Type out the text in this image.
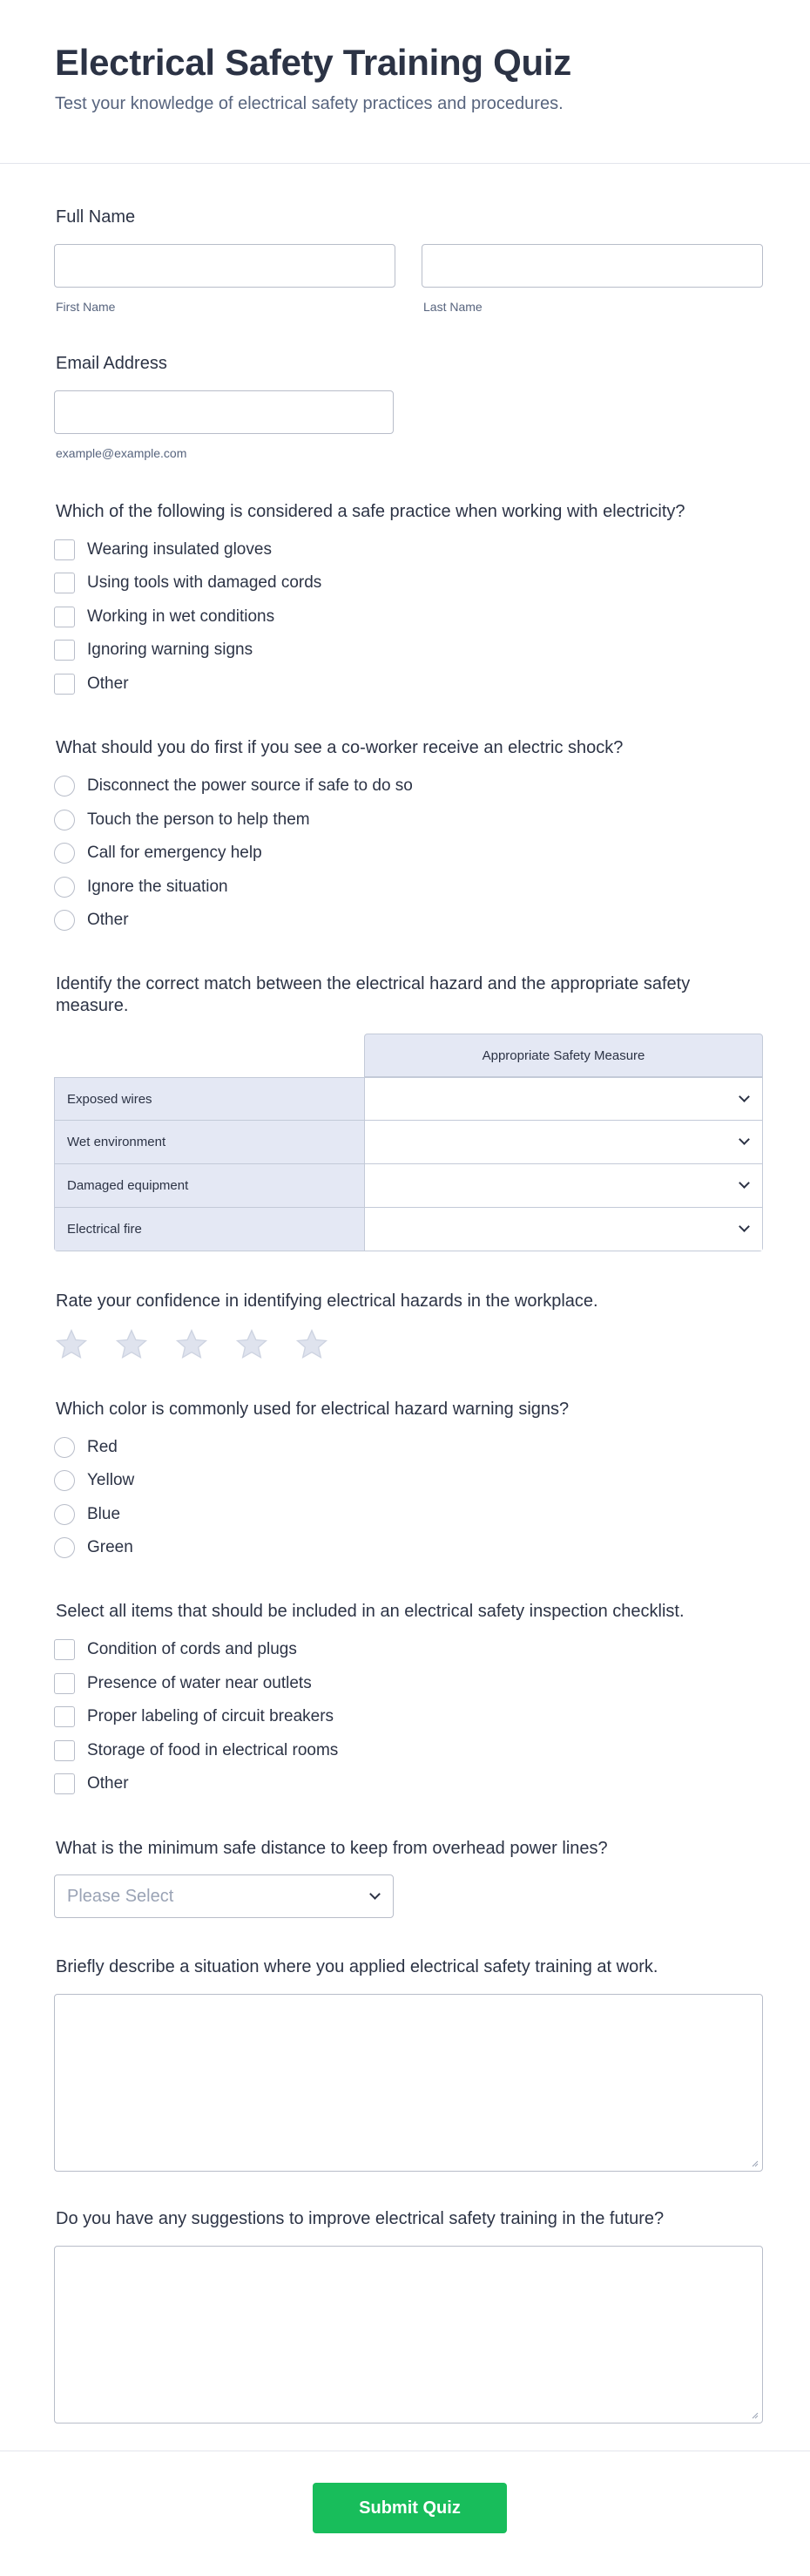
Electrical Safety Training Quiz
Test your knowledge of electrical safety practices and procedures.
Full Name
First Name	Last Name
Email Address
example@example.com
Which of the following is considered a safe practice when working with electricity?
Wearing insulated gloves
Using tools with damaged cords
Working in wet conditions
Ignoring warning signs
Other
What should you do first if you see a co-worker receive an electric shock?
Disconnect the power source if safe to do so
Touch the person to help them
Call for emergency help
Ignore the situation
Other
Identify the correct match between the electrical hazard and the appropriate safety
measure.
Appropriate Safety Measure
Exposed wires
Wet environment
Damaged equipment
Electrical fire
Rate your confidence in identifying electrical hazards in the workplace.
Which color is commonly used for electrical hazard warning signs?
Red
Yellow
Blue
Green
Select all items that should be included in an electrical safety inspection checklist.
Condition of cords and plugs
Presence of water near outlets
Proper labeling of circuit breakers
Storage of food in electrical rooms
Other
What is the minimum safe distance to keep from overhead power lines?
Please Select
Briefly describe a situation where you applied electrical safety training at work.
Do you have any suggestions to improve electrical safety training in the future?
Submit Quiz
